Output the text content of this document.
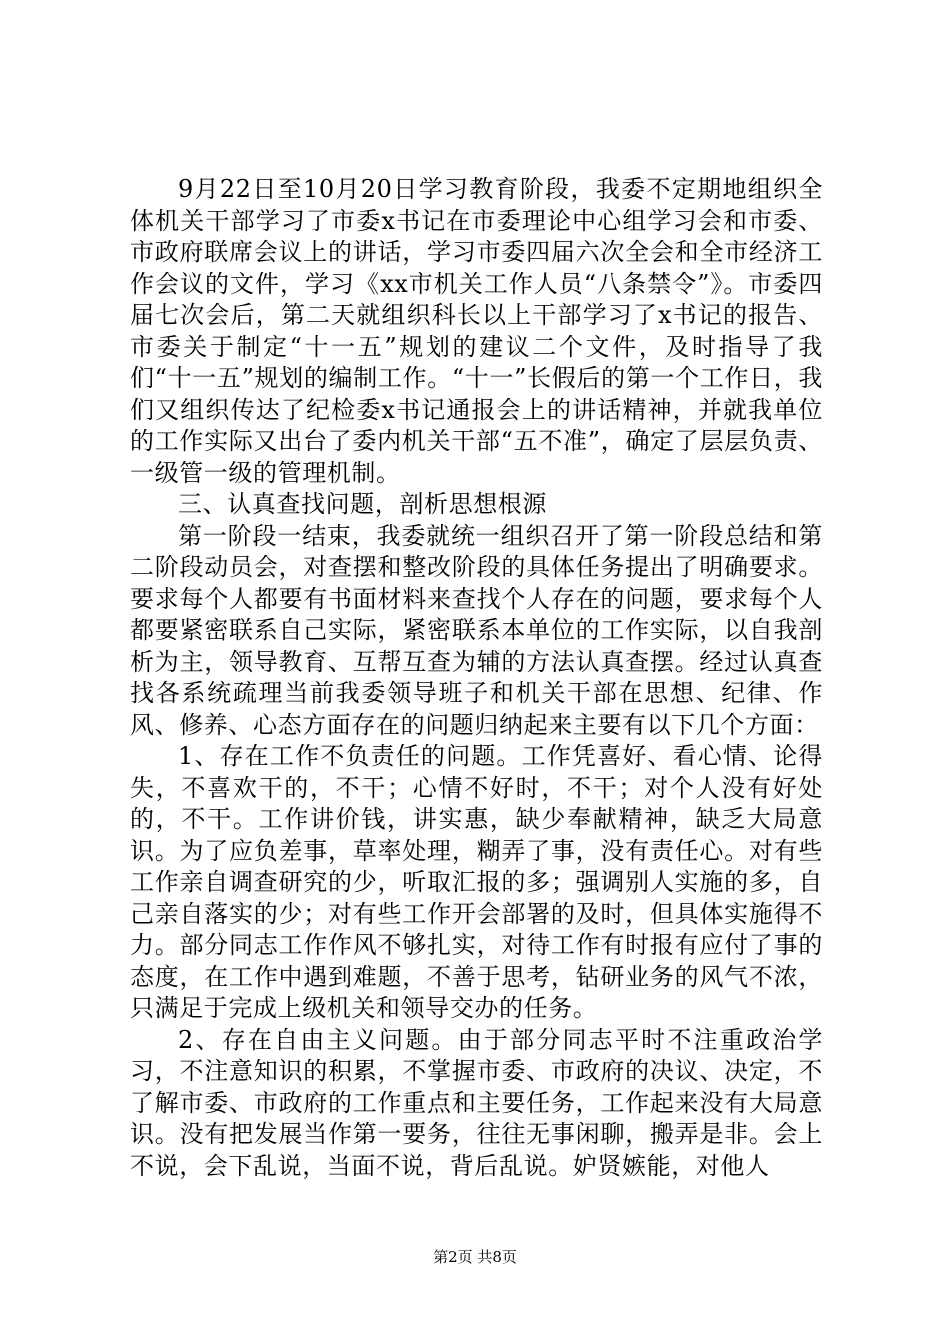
9月22日至10月20日学习教育阶段，我委不定期地组织全体机关干部学习了市委x书记在市委理论中心组学习会和市委、市政府联席会议上的讲话，学习市委四届六次全会和全市经济工作会议的文件，学习《xx市机关工作人员“八条禁令”》。市委四届七次会后，第二天就组织科长以上干部学习了x书记的报告、市委关于制定“十一五”规划的建议二个文件，及时指导了我们“十一五”规划的编制工作。“十一”长假后的第一个工作日，我们又组织传达了纪检委x书记通报会上的讲话精神，并就我单位的工作实际又出台了委内机关干部“五不准”，确定了层层负责、一级管一级的管理机制。

三、认真查找问题，剖析思想根源

第一阶段一结束，我委就统一组织召开了第一阶段总结和第二阶段动员会，对查摆和整改阶段的具体任务提出了明确要求。要求每个人都要有书面材料来查找个人存在的问题，要求每个人都要紧密联系自己实际，紧密联系本单位的工作实际，以自我剖析为主，领导教育、互帮互查为辅的方法认真查摆。经过认真查找各系统疏理当前我委领导班子和机关干部在思想、纪律、作风、修养、心态方面存在的问题归纳起来主要有以下几个方面：

1、存在工作不负责任的问题。工作凭喜好、看心情、论得失，不喜欢干的，不干；心情不好时，不干；对个人没有好处的，不干。工作讲价钱，讲实惠，缺少奉献精神，缺乏大局意识。为了应负差事，草率处理，糊弄了事，没有责任心。对有些工作亲自调查研究的少，听取汇报的多；强调别人实施的多，自己亲自落实的少；对有些工作开会部署的及时，但具体实施得不力。部分同志工作作风不够扎实，对待工作有时报有应付了事的态度，在工作中遇到难题，不善于思考，钻研业务的风气不浓，只满足于完成上级机关和领导交办的任务。

2、存在自由主义问题。由于部分同志平时不注重政治学习，不注意知识的积累，不掌握市委、市政府的决议、决定，不了解市委、市政府的工作重点和主要任务，工作起来没有大局意识。没有把发展当作第一要务，往往无事闲聊，搬弄是非。会上不说，会下乱说，当面不说，背后乱说。妒贤嫉能，对他人

第2页 共8页
